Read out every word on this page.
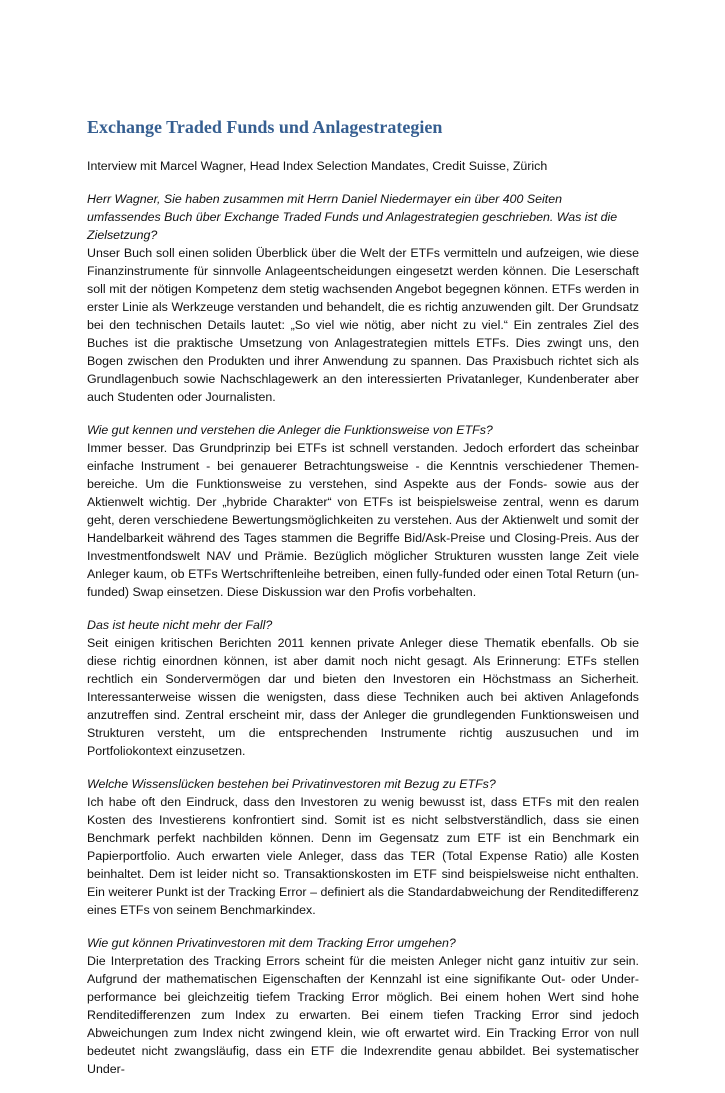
Exchange Traded Funds und Anlagestrategien

Interview mit Marcel Wagner, Head Index Selection Mandates, Credit Suisse, Zürich

Herr Wagner, Sie haben zusammen mit Herrn Daniel Niedermayer ein über 400 Seiten umfassendes Buch über Exchange Traded Funds und Anlagestrategien geschrieben. Was ist die Zielsetzung?

Unser Buch soll einen soliden Überblick über die Welt der ETFs vermitteln und aufzeigen, wie diese Finanzinstrumente für sinnvolle Anlageentscheidungen eingesetzt werden können. Die Leserschaft soll mit der nötigen Kompetenz dem stetig wachsenden Angebot begegnen können. ETFs werden in erster Linie als Werkzeuge verstanden und behandelt, die es richtig anzuwenden gilt. Der Grundsatz bei den technischen Details lautet: „So viel wie nötig, aber nicht zu viel.“ Ein zentrales Ziel des Buches ist die praktische Umsetzung von Anlagestrategien mittels ETFs. Dies zwingt uns, den Bogen zwischen den Produkten und ihrer Anwendung zu spannen. Das Praxisbuch richtet sich als Grundlagenbuch sowie Nachschlagewerk an den interessierten Privatanleger, Kundenberater aber auch Studenten oder Journalisten.

Wie gut kennen und verstehen die Anleger die Funktionsweise von ETFs?

Immer besser. Das Grundprinzip bei ETFs ist schnell verstanden. Jedoch erfordert das scheinbar einfache Instrument - bei genauerer Betrachtungsweise - die Kenntnis verschiedener Themen-bereiche. Um die Funktionsweise zu verstehen, sind Aspekte aus der Fonds- sowie aus der Aktienwelt wichtig. Der „hybride Charakter“ von ETFs ist beispielsweise zentral, wenn es darum geht, deren verschiedene Bewertungsmöglichkeiten zu verstehen. Aus der Aktienwelt und somit der Handelbarkeit während des Tages stammen die Begriffe Bid/Ask-Preise und Closing-Preis. Aus der Investmentfondswelt NAV und Prämie. Bezüglich möglicher Strukturen wussten lange Zeit viele Anleger kaum, ob ETFs Wertschriftenleihe betreiben, einen fully-funded oder einen Total Return (un-funded) Swap einsetzen. Diese Diskussion war den Profis vorbehalten.

Das ist heute nicht mehr der Fall?

Seit einigen kritischen Berichten 2011 kennen private Anleger diese Thematik ebenfalls. Ob sie diese richtig einordnen können, ist aber damit noch nicht gesagt. Als Erinnerung: ETFs stellen rechtlich ein Sondervermögen dar und bieten den Investoren ein Höchstmass an Sicherheit. Interessanterweise wissen die wenigsten, dass diese Techniken auch bei aktiven Anlagefonds anzutreffen sind. Zentral erscheint mir, dass der Anleger die grundlegenden Funktionsweisen und Strukturen versteht, um die entsprechenden Instrumente richtig auszusuchen und im Portfoliokontext einzusetzen.

Welche Wissenslücken bestehen bei Privatinvestoren mit Bezug zu ETFs?

Ich habe oft den Eindruck, dass den Investoren zu wenig bewusst ist, dass ETFs mit den realen Kosten des Investierens konfrontiert sind. Somit ist es nicht selbstverständlich, dass sie einen Benchmark perfekt nachbilden können. Denn im Gegensatz zum ETF ist ein Benchmark ein Papierportfolio. Auch erwarten viele Anleger, dass das TER (Total Expense Ratio) alle Kosten beinhaltet. Dem ist leider nicht so. Transaktionskosten im ETF sind beispielsweise nicht enthalten. Ein weiterer Punkt ist der Tracking Error – definiert als die Standardabweichung der Renditedifferenz eines ETFs von seinem Benchmarkindex.

Wie gut können Privatinvestoren mit dem Tracking Error umgehen?

Die Interpretation des Tracking Errors scheint für die meisten Anleger nicht ganz intuitiv zur sein. Aufgrund der mathematischen Eigenschaften der Kennzahl ist eine signifikante Out- oder Under-performance bei gleichzeitig tiefem Tracking Error möglich. Bei einem hohen Wert sind hohe Renditedifferenzen zum Index zu erwarten. Bei einem tiefen Tracking Error sind jedoch Abweichungen zum Index nicht zwingend klein, wie oft erwartet wird. Ein Tracking Error von null bedeutet nicht zwangsläufig, dass ein ETF die Indexrendite genau abbildet. Bei systematischer Under-
